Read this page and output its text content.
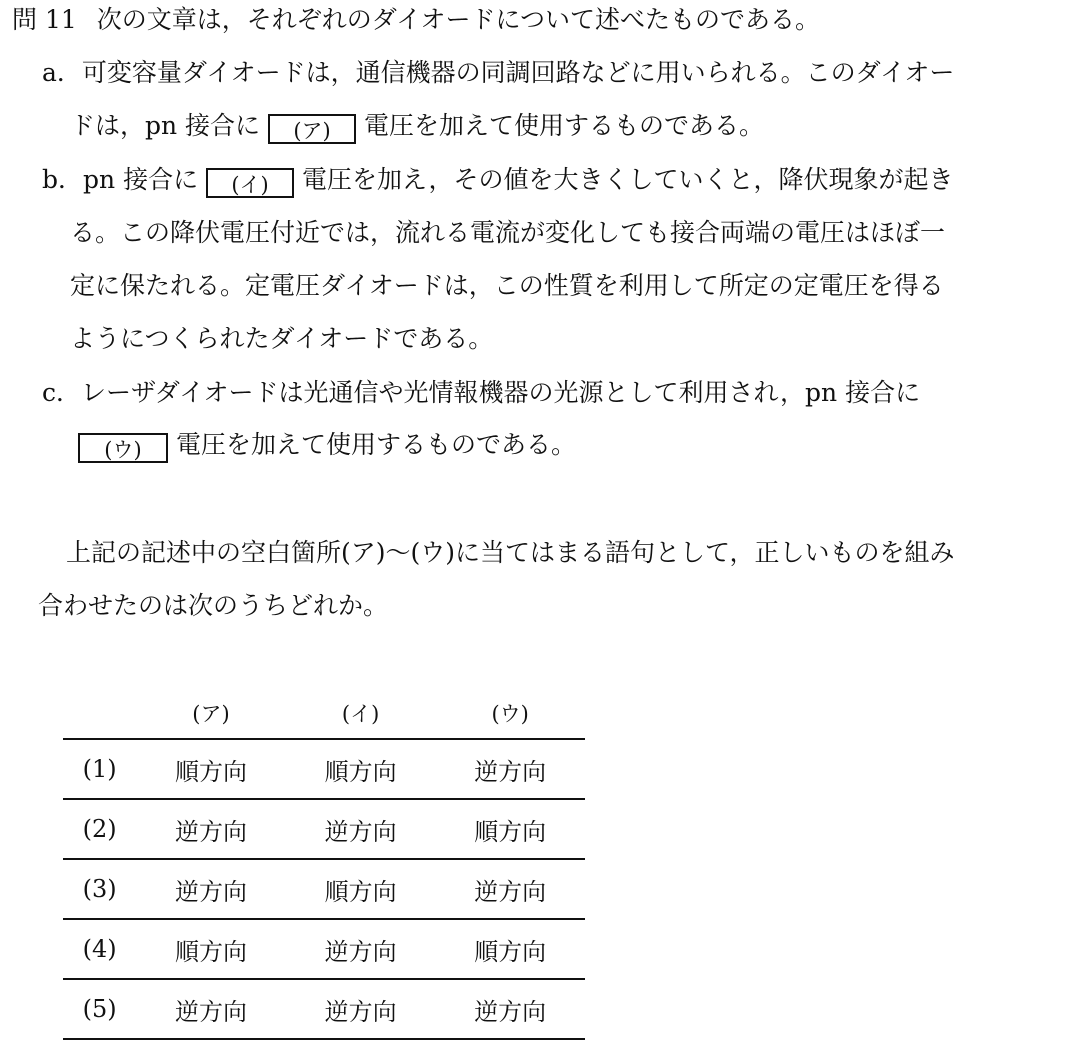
問 11 次の文章は，それぞれのダイオードについて述べたものである。
a．可変容量ダイオードは，通信機器の同調回路などに用いられる。このダイオー
ドは，pn 接合に (ア) 電圧を加えて使用するものである。
b．pn 接合に (イ) 電圧を加え，その値を大きくしていくと，降伏現象が起き
る。この降伏電圧付近では，流れる電流が変化しても接合両端の電圧はほぼ一
定に保たれる。定電圧ダイオードは，この性質を利用して所定の定電圧を得る
ようにつくられたダイオードである。
c．レーザダイオードは光通信や光情報機器の光源として利用され，pn 接合に
(ウ) 電圧を加えて使用するものである。
上記の記述中の空白箇所(ア)〜(ウ)に当てはまる語句として，正しいものを組み
合わせたのは次のうちどれか。
	(ア)	(イ)	(ウ)
(1)	順方向	順方向	逆方向
(2)	逆方向	逆方向	順方向
(3)	逆方向	順方向	逆方向
(4)	順方向	逆方向	順方向
(5)	逆方向	逆方向	逆方向
